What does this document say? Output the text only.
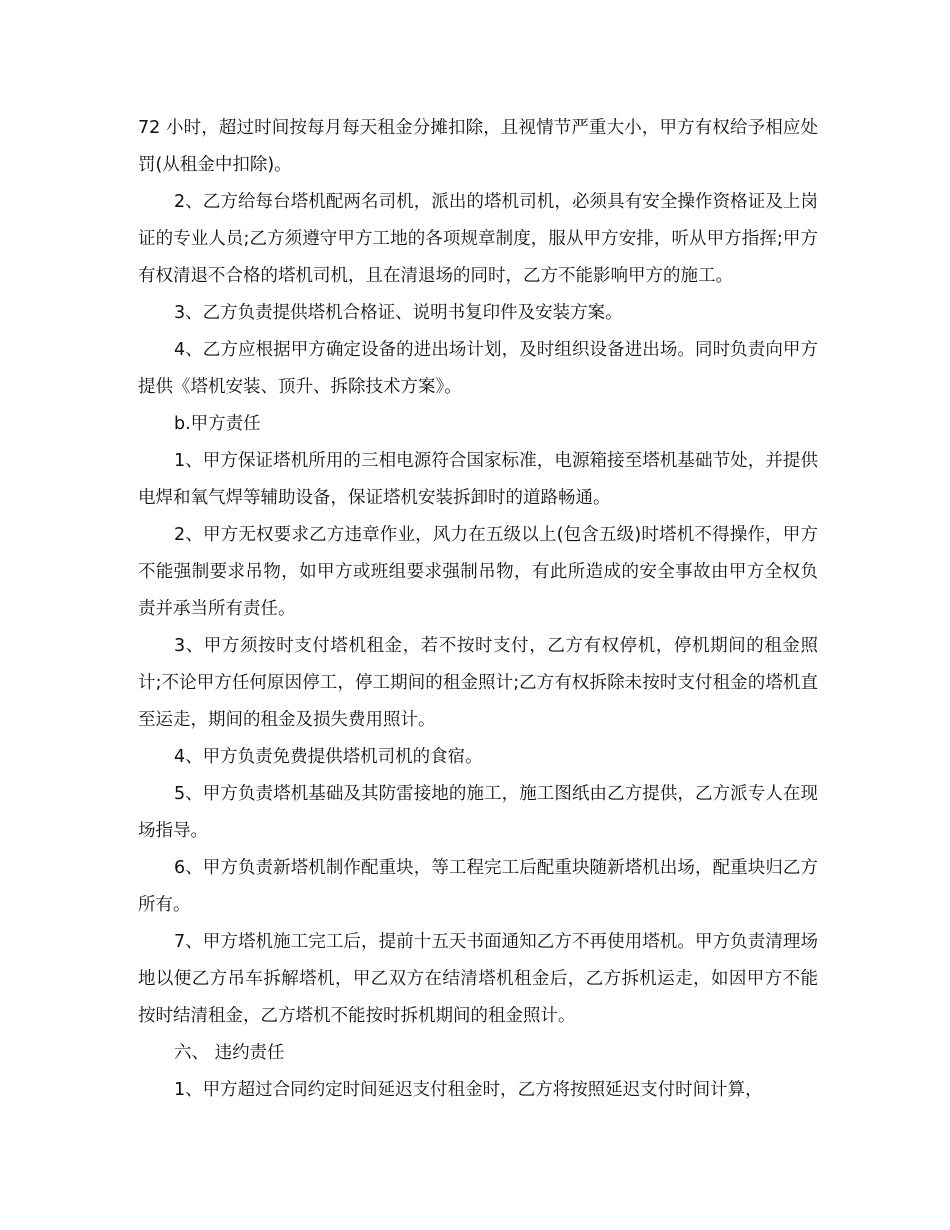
72 小时，超过时间按每月每天租金分摊扣除，且视情节严重大小，甲方有权给予相应处罚(从租金中扣除)。

2、乙方给每台塔机配两名司机，派出的塔机司机，必须具有安全操作资格证及上岗证的专业人员;乙方须遵守甲方工地的各项规章制度，服从甲方安排，听从甲方指挥;甲方有权清退不合格的塔机司机，且在清退场的同时，乙方不能影响甲方的施工。

3、乙方负责提供塔机合格证、说明书复印件及安装方案。

4、乙方应根据甲方确定设备的进出场计划，及时组织设备进出场。同时负责向甲方提供《塔机安装、顶升、拆除技术方案》。

b.甲方责任

1、甲方保证塔机所用的三相电源符合国家标准，电源箱接至塔机基础节处，并提供电焊和氧气焊等辅助设备，保证塔机安装拆卸时的道路畅通。

2、甲方无权要求乙方违章作业，风力在五级以上(包含五级)时塔机不得操作，甲方不能强制要求吊物，如甲方或班组要求强制吊物，有此所造成的安全事故由甲方全权负责并承当所有责任。

3、甲方须按时支付塔机租金，若不按时支付，乙方有权停机，停机期间的租金照计;不论甲方任何原因停工，停工期间的租金照计;乙方有权拆除未按时支付租金的塔机直至运走，期间的租金及损失费用照计。

4、甲方负责免费提供塔机司机的食宿。

5、甲方负责塔机基础及其防雷接地的施工，施工图纸由乙方提供，乙方派专人在现场指导。

6、甲方负责新塔机制作配重块，等工程完工后配重块随新塔机出场，配重块归乙方所有。

7、甲方塔机施工完工后，提前十五天书面通知乙方不再使用塔机。甲方负责清理场地以便乙方吊车拆解塔机，甲乙双方在结清塔机租金后，乙方拆机运走，如因甲方不能按时结清租金，乙方塔机不能按时拆机期间的租金照计。

六、 违约责任

1、甲方超过合同约定时间延迟支付租金时，乙方将按照延迟支付时间计算，
